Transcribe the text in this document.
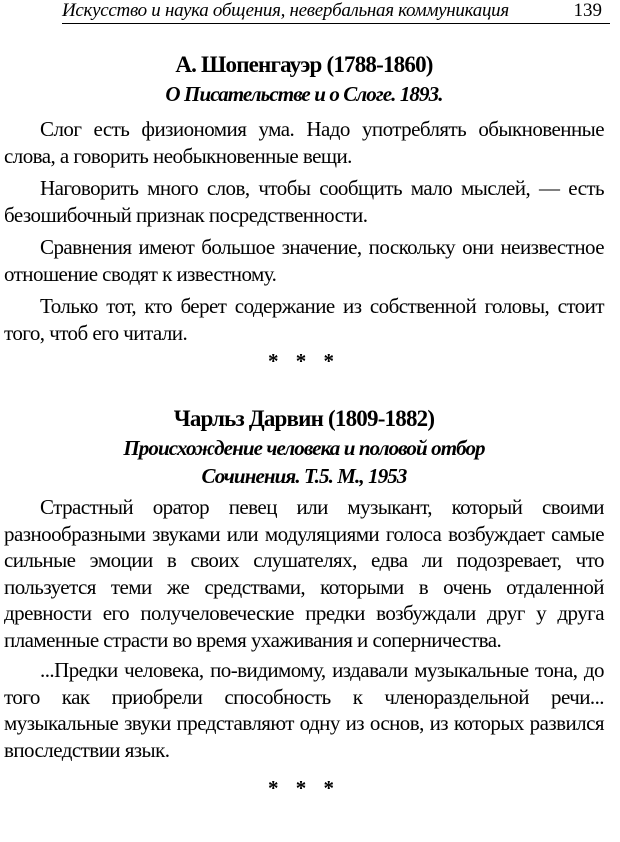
Искусство и наука общения, невербальная коммуникация	139
А. Шопенгауэр (1788-1860)
О Писательстве и о Слоге. 1893.

Слог есть физиономия ума. Надо употреблять обыкновенные слова, а говорить необыкновенные вещи.

Наговорить много слов, чтобы сообщить мало мыслей, — есть безошибочный признак посредственности.

Сравнения имеют большое значение, поскольку они неизвестное отношение сводят к известному.

Только тот, кто берет содержание из собственной головы, стоит того, чтоб его читали.

* * *
Чарльз Дарвин (1809-1882)
Происхождение человека и половой отбор
Сочинения. Т.5. М., 1953

Страстный оратор певец или музыкант, который своими разнообразными звуками или модуляциями голоса возбуждает самые сильные эмоции в своих слушателях, едва ли подозревает, что пользуется теми же средствами, которыми в очень отдаленной древности его получеловеческие предки возбуждали друг у друга пламенные страсти во время ухаживания и соперничества.

...Предки человека, по-видимому, издавали музыкальные тона, до того как приобрели способность к членораздельной речи... музыкальные звуки представляют одну из основ, из которых развился впоследствии язык.

* * *
